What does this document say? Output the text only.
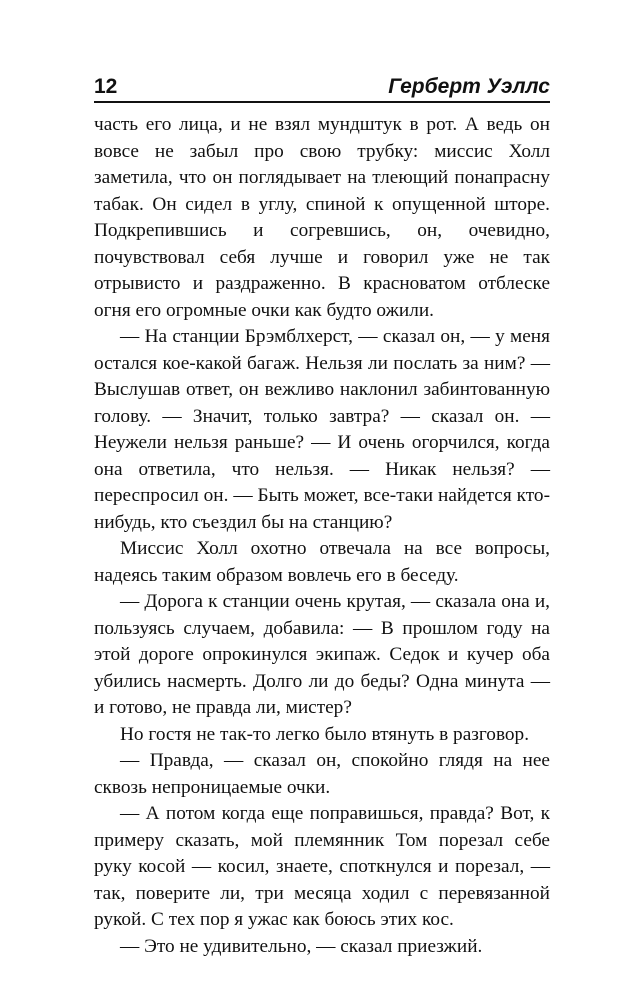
12	Герберт Уэллс

часть его лица, и не взял мундштук в рот. А ведь он вовсе не забыл про свою трубку: миссис Холл заметила, что он поглядывает на тлеющий понапрасну табак. Он сидел в углу, спиной к опущенной шторе. Подкрепившись и согревшись, он, очевидно, почувствовал себя лучше и говорил уже не так отрывисто и раздраженно. В красноватом отблеске огня его огромные очки как будто ожили.

— На станции Брэмблхерст, — сказал он, — у меня остался кое-какой багаж. Нельзя ли послать за ним? — Выслушав ответ, он вежливо наклонил забинтованную голову. — Значит, только завтра? — сказал он. — Неужели нельзя раньше? — И очень огорчился, когда она ответила, что нельзя. — Никак нельзя? — переспросил он. — Быть может, все-таки найдется кто-нибудь, кто съездил бы на станцию?

Миссис Холл охотно отвечала на все вопросы, надеясь таким образом вовлечь его в беседу.

— Дорога к станции очень крутая, — сказала она и, пользуясь случаем, добавила: — В прошлом году на этой дороге опрокинулся экипаж. Седок и кучер оба убились насмерть. Долго ли до беды? Одна минута — и готово, не правда ли, мистер?

Но гостя не так-то легко было втянуть в разговор.

— Правда, — сказал он, спокойно глядя на нее сквозь непроницаемые очки.

— А потом когда еще поправишься, правда? Вот, к примеру сказать, мой племянник Том порезал себе руку косой — косил, знаете, споткнулся и порезал, — так, поверите ли, три месяца ходил с перевязанной рукой. С тех пор я ужас как боюсь этих кос.

— Это не удивительно, — сказал приезжий.
